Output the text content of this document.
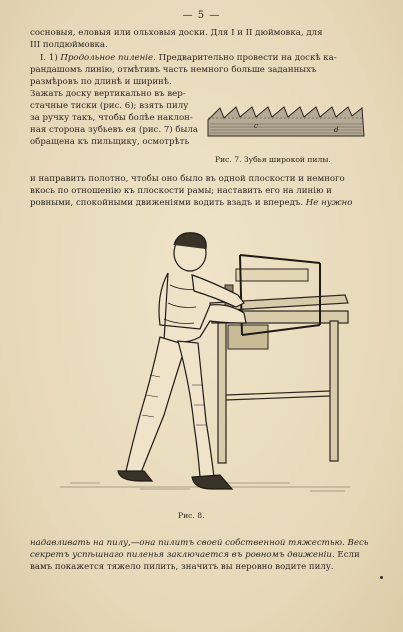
— 5 —
сосновыя, еловыя или ольховыя доски. Для I и II дюймовка, для
III полдюймовка.
I. 1) Продольное пиленіе. Предварительно провести на доскѣ ка-
рандашомъ линію, отмѣтивъ часть немного больше заданныхъ
размѣровъ по длинѣ и ширинѣ.
Зажать доску вертикально въ вер-
стачные тиски (рис. 6); взять пилу
за ручку такъ, чтобы болѣе наклон-
ная сторона зубьевъ ея (рис. 7) была
обращена къ пильщику, осмотрѣть
c	d
Рис. 7. Зубья широкой пилы.
и направить полотно, чтобы оно было въ одной плоскости и немного
вкось по отношенію къ плоскости рамы; наставить его на линію и
ровными, спокойными движеніями водить взадъ и впередъ. Не нужно
Рис. 8.
надавливать на пилу,—она пилитъ своей собственной тяжестью. Весь
секретъ успѣшнаго пиленья заключается въ ровномъ движеніи. Если
вамъ покажется тяжело пилить, значитъ вы неровно водите пилу.
